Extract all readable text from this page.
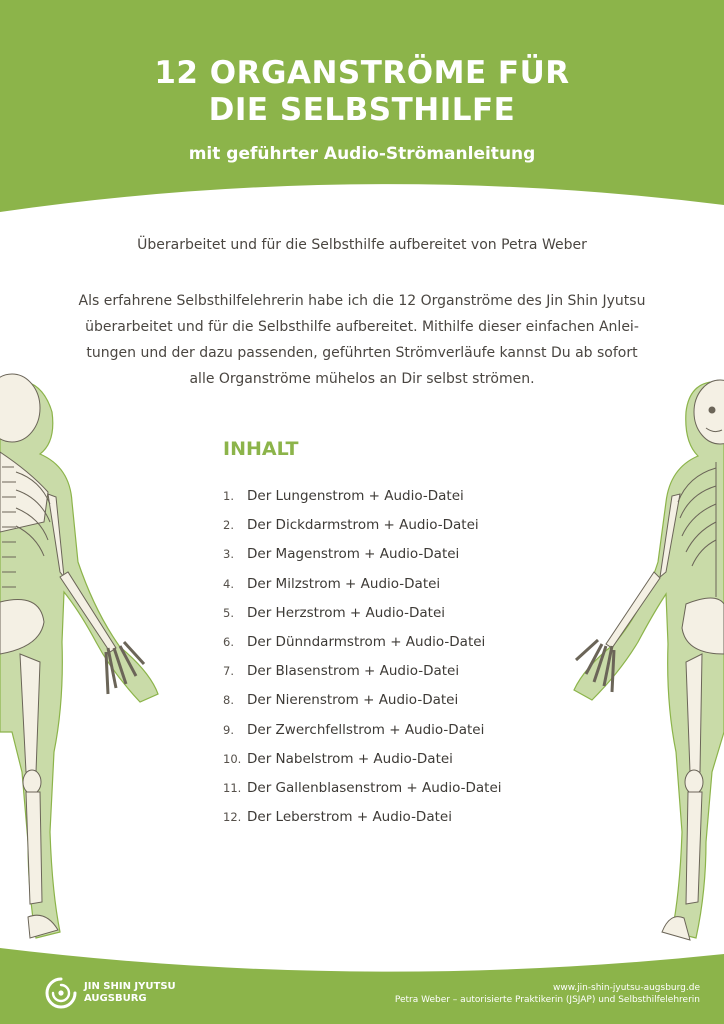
12 ORGANSTRÖME FÜR
DIE SELBSTHILFE

mit geführter Audio-Strömanleitung

Überarbeitet und für die Selbsthilfe aufbereitet von Petra Weber

Als erfahrene Selbsthilfelehrerin habe ich die 12 Organströme des Jin Shin Jyutsu
überarbeitet und für die Selbsthilfe aufbereitet. Mithilfe dieser einfachen Anlei-
tungen und der dazu passenden, geführten Strömverläufe kannst Du ab sofort
alle Organströme mühelos an Dir selbst strömen.

INHALT
1. Der Lungenstrom + Audio-Datei
2. Der Dickdarmstrom + Audio-Datei
3. Der Magenstrom + Audio-Datei
4. Der Milzstrom + Audio-Datei
5. Der Herzstrom + Audio-Datei
6. Der Dünndarmstrom + Audio-Datei
7. Der Blasenstrom + Audio-Datei
8. Der Nierenstrom + Audio-Datei
9. Der Zwerchfellstrom + Audio-Datei
10. Der Nabelstrom + Audio-Datei
11. Der Gallenblasenstrom + Audio-Datei
12. Der Leberstrom + Audio-Datei
JIN SHIN JYUTSU
AUGSBURG
www.jin-shin-jyutsu-augsburg.de
Petra Weber – autorisierte Praktikerin (JSJAP) und Selbsthilfelehrerin
